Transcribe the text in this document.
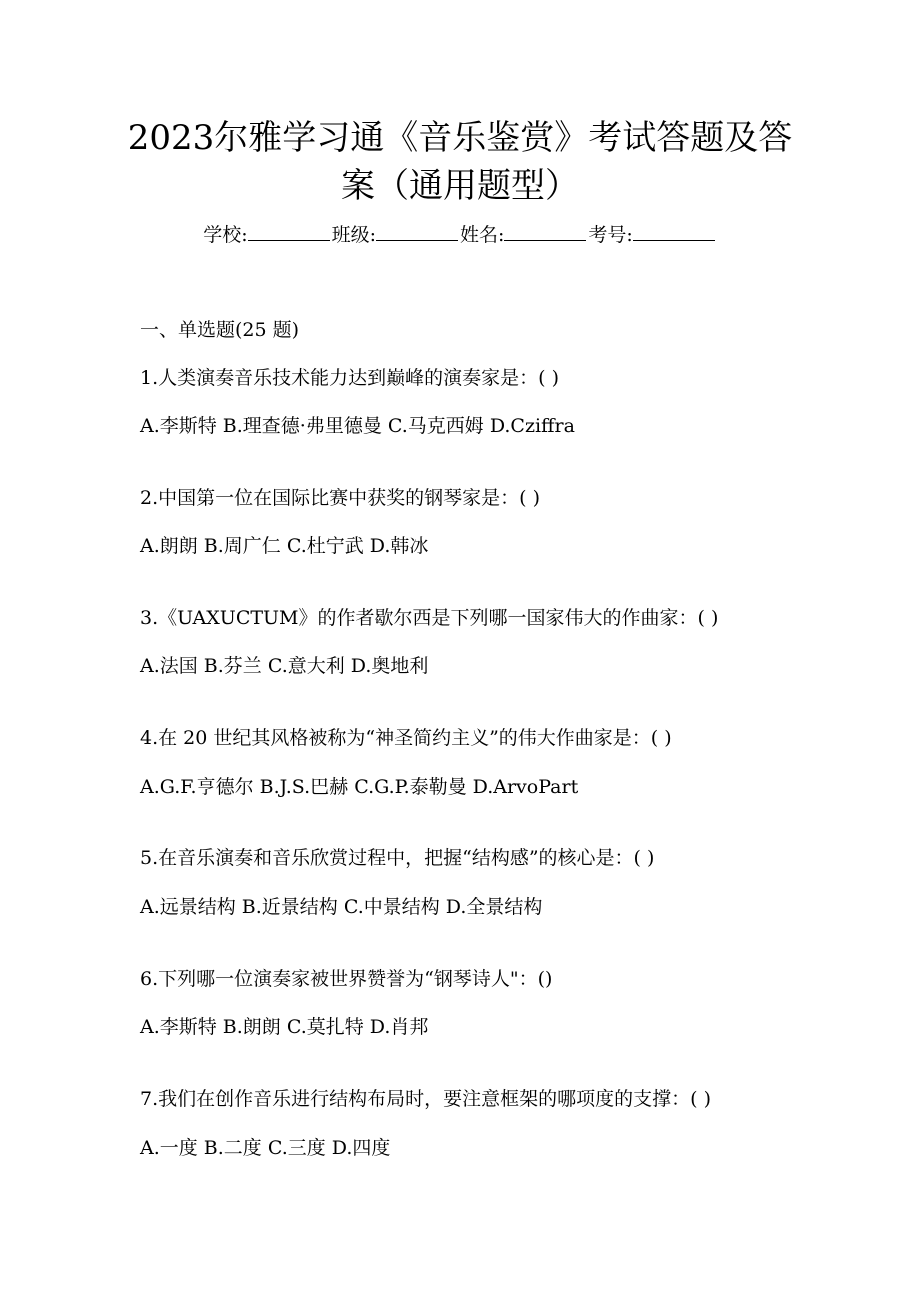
2023尔雅学习通《音乐鉴赏》考试答题及答
案（通用题型）
学校:	班级:	姓名:	考号:
一、单选题(25 题)
1.人类演奏音乐技术能力达到巅峰的演奏家是：( )
A.李斯特 B.理查德·弗里德曼 C.马克西姆 D.Cziffra
2.中国第一位在国际比赛中获奖的钢琴家是：( )
A.朗朗 B.周广仁 C.杜宁武 D.韩冰
3.《UAXUCTUM》的作者歇尔西是下列哪一国家伟大的作曲家：( )
A.法国 B.芬兰 C.意大利 D.奥地利
4.在 20 世纪其风格被称为“神圣简约主义”的伟大作曲家是：( )
A.G.F.亨德尔 B.J.S.巴赫 C.G.P.泰勒曼 D.ArvoPart
5.在音乐演奏和音乐欣赏过程中，把握“结构感”的核心是：( )
A.远景结构 B.近景结构 C.中景结构 D.全景结构
6.下列哪一位演奏家被世界赞誉为“钢琴诗人"：()
A.李斯特 B.朗朗 C.莫扎特 D.肖邦
7.我们在创作音乐进行结构布局时，要注意框架的哪项度的支撑：( )
A.一度 B.二度 C.三度 D.四度
